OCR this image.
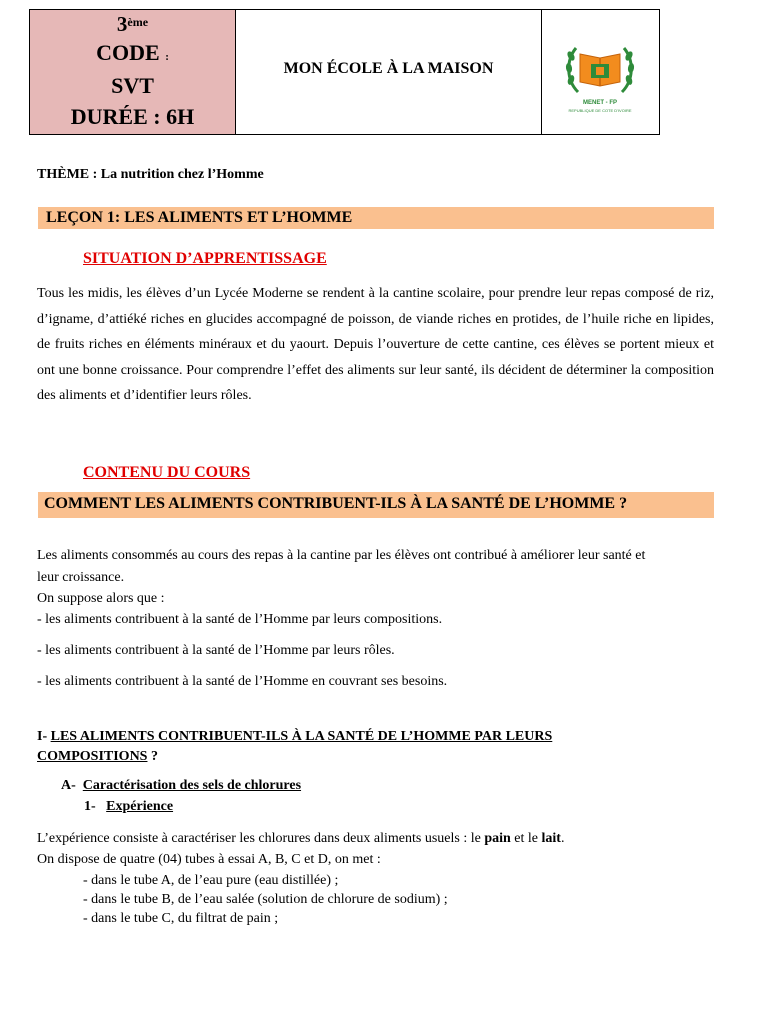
3ème
CODE :
SVT
DURÉE : 6H
MON ÉCOLE À LA MAISON
MENET - FP
REPUBLIQUE DE COTE D'IVOIRE
THÈME : La nutrition chez l’Homme
LEÇON 1: LES ALIMENTS ET L’HOMME
SITUATION D’APPRENTISSAGE
Tous les midis, les élèves d’un Lycée Moderne se rendent à la cantine scolaire, pour prendre leur repas composé de riz, d’igname, d’attiéké riches en glucides accompagné de poisson, de viande riches en protides, de l’huile riche en lipides, de fruits riches en éléments minéraux et du yaourt. Depuis l’ouverture de cette cantine, ces élèves se portent mieux et ont une bonne croissance. Pour comprendre l’effet des aliments sur leur santé, ils décident de déterminer la composition des aliments et d’identifier leurs rôles.
CONTENU DU COURS
COMMENT LES ALIMENTS CONTRIBUENT-ILS À LA SANTÉ DE L’HOMME ?
Les aliments consommés au cours des repas à la cantine par les élèves ont contribué à améliorer leur santé et
leur croissance.
On suppose alors que :
- les aliments contribuent à la santé de l’Homme par leurs compositions.
- les aliments contribuent à la santé de l’Homme par leurs rôles.
- les aliments contribuent à la santé de l’Homme en couvrant ses besoins.
I- LES ALIMENTS CONTRIBUENT-ILS À LA SANTÉ DE L’HOMME PAR LEURS
COMPOSITIONS ?
A- Caractérisation des sels de chlorures
1- Expérience
L’expérience consiste à caractériser les chlorures dans deux aliments usuels : le pain et le lait.
On dispose de quatre (04) tubes à essai A, B, C et D, on met :
- dans le tube A, de l’eau pure (eau distillée) ;
- dans le tube B, de l’eau salée (solution de chlorure de sodium) ;
- dans le tube C, du filtrat de pain ;
